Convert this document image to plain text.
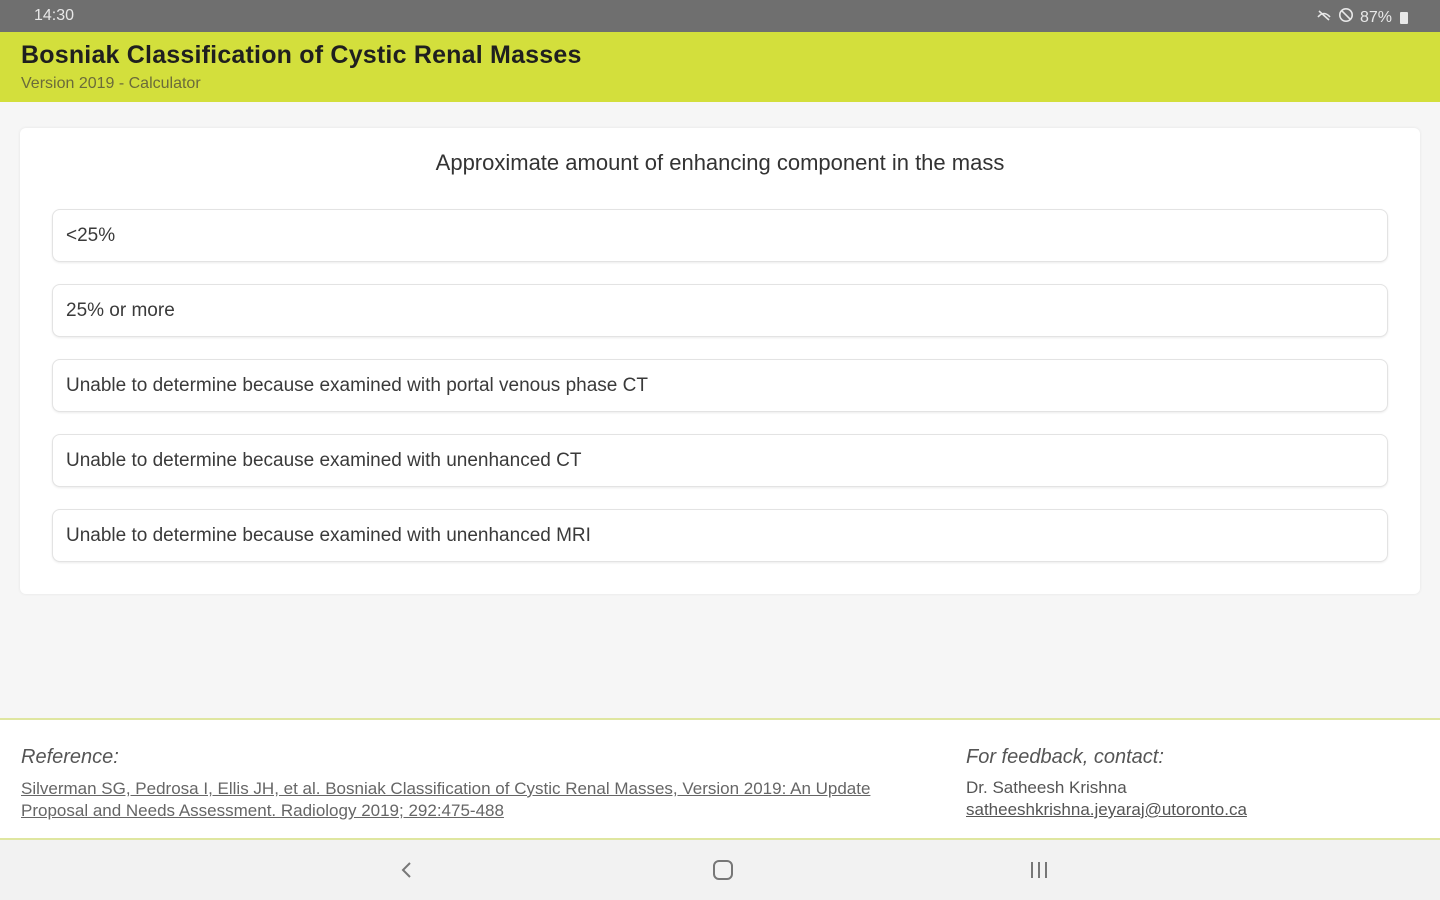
14:30	87%
Bosniak Classification of Cystic Renal Masses
Version 2019 - Calculator
Approximate amount of enhancing component in the mass
<25%
25% or more
Unable to determine because examined with portal venous phase CT
Unable to determine because examined with unenhanced CT
Unable to determine because examined with unenhanced MRI
Reference:
Silverman SG, Pedrosa I, Ellis JH, et al. Bosniak Classification of Cystic Renal Masses, Version 2019: An Update Proposal and Needs Assessment. Radiology 2019; 292:475-488
For feedback, contact:
Dr. Satheesh Krishna
satheeshkrishna.jeyaraj@utoronto.ca
